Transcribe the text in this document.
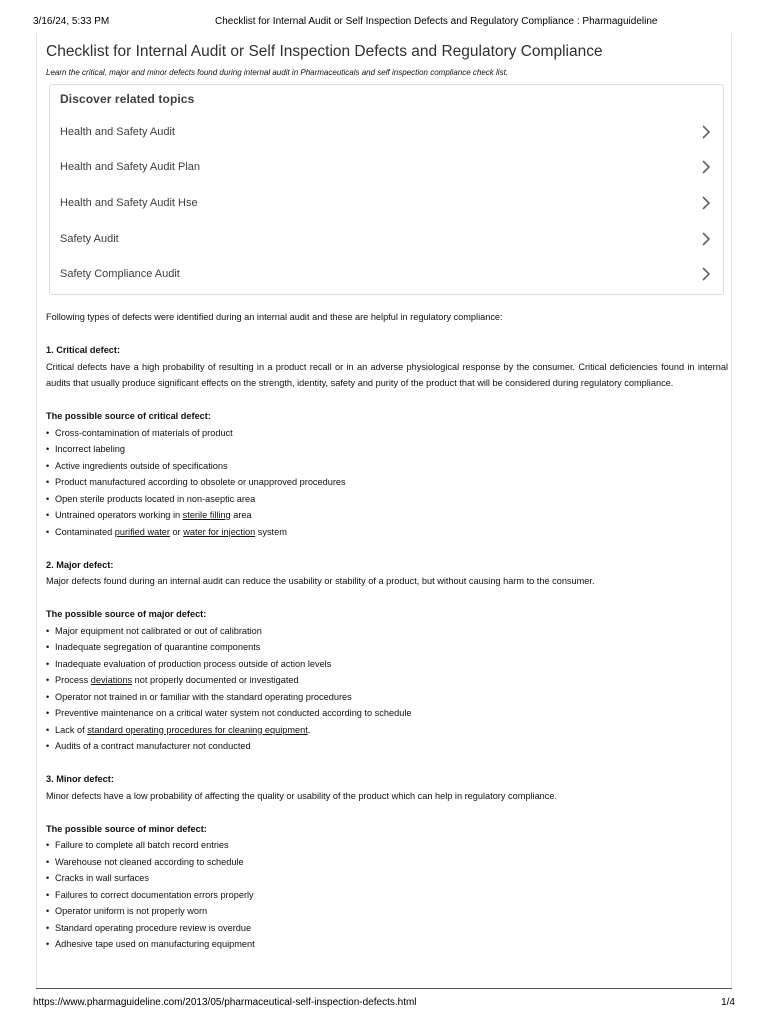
3/16/24, 5:33 PM	Checklist for Internal Audit or Self Inspection Defects and Regulatory Compliance : Pharmaguideline
Checklist for Internal Audit or Self Inspection Defects and Regulatory Compliance

Learn the critical, major and minor defects found during internal audit in Pharmaceuticals and self inspection compliance check list.

Discover related topics
Health and Safety Audit
Health and Safety Audit Plan
Health and Safety Audit Hse
Safety Audit
Safety Compliance Audit

Following types of defects were identified during an internal audit and these are helpful in regulatory compliance:

1. Critical defect:

Critical defects have a high probability of resulting in a product recall or in an adverse physiological response by the consumer. Critical deficiencies found in internal audits that usually produce significant effects on the strength, identity, safety and purity of the product that will be considered during regulatory compliance.

The possible source of critical defect:

• Cross-contamination of materials of product
• Incorrect labeling
• Active ingredients outside of specifications
• Product manufactured according to obsolete or unapproved procedures
• Open sterile products located in non-aseptic area
• Untrained operators working in sterile filling area
• Contaminated purified water or water for injection system

2. Major defect:

Major defects found during an internal audit can reduce the usability or stability of a product, but without causing harm to the consumer.

The possible source of major defect:

• Major equipment not calibrated or out of calibration
• Inadequate segregation of quarantine components
• Inadequate evaluation of production process outside of action levels
• Process deviations not properly documented or investigated
• Operator not trained in or familiar with the standard operating procedures
• Preventive maintenance on a critical water system not conducted according to schedule
• Lack of standard operating procedures for cleaning equipment.
• Audits of a contract manufacturer not conducted

3. Minor defect:

Minor defects have a low probability of affecting the quality or usability of the product which can help in regulatory compliance.

The possible source of minor defect:

• Failure to complete all batch record entries
• Warehouse not cleaned according to schedule
• Cracks in wall surfaces
• Failures to correct documentation errors properly
• Operator uniform is not properly worn
• Standard operating procedure review is overdue
• Adhesive tape used on manufacturing equipment
https://www.pharmaguideline.com/2013/05/pharmaceutical-self-inspection-defects.html	1/4
